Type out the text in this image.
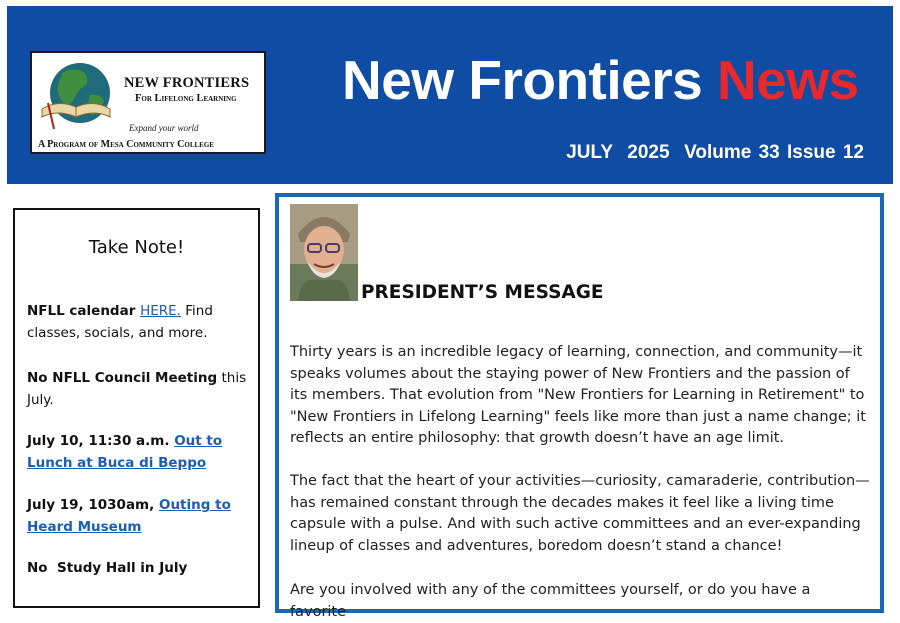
NEW FRONTIERS
For Lifelong Learning
Expand your world
A Program of Mesa Community College
New Frontiers News
JULY  2025  Volume 33 Issue 12
Take Note!
NFLL calendar HERE. Find classes, socials, and more.
No NFLL Council Meeting this July.
July 10, 11:30 a.m. Out to Lunch at Buca di Beppo
July 19, 1030am, Outing to Heard Museum
No  Study Hall in July
PRESIDENT’S MESSAGE

Thirty years is an incredible legacy of learning, connection, and community—it speaks volumes about the staying power of New Frontiers and the passion of its members. That evolution from "New Frontiers for Learning in Retirement" to "New Frontiers in Lifelong Learning" feels like more than just a name change; it reflects an entire philosophy: that growth doesn’t have an age limit.

The fact that the heart of your activities—curiosity, camaraderie, contribution—has remained constant through the decades makes it feel like a living time capsule with a pulse. And with such active committees and an ever-expanding lineup of classes and adventures, boredom doesn’t stand a chance!

Are you involved with any of the committees yourself, or do you have a favorite
